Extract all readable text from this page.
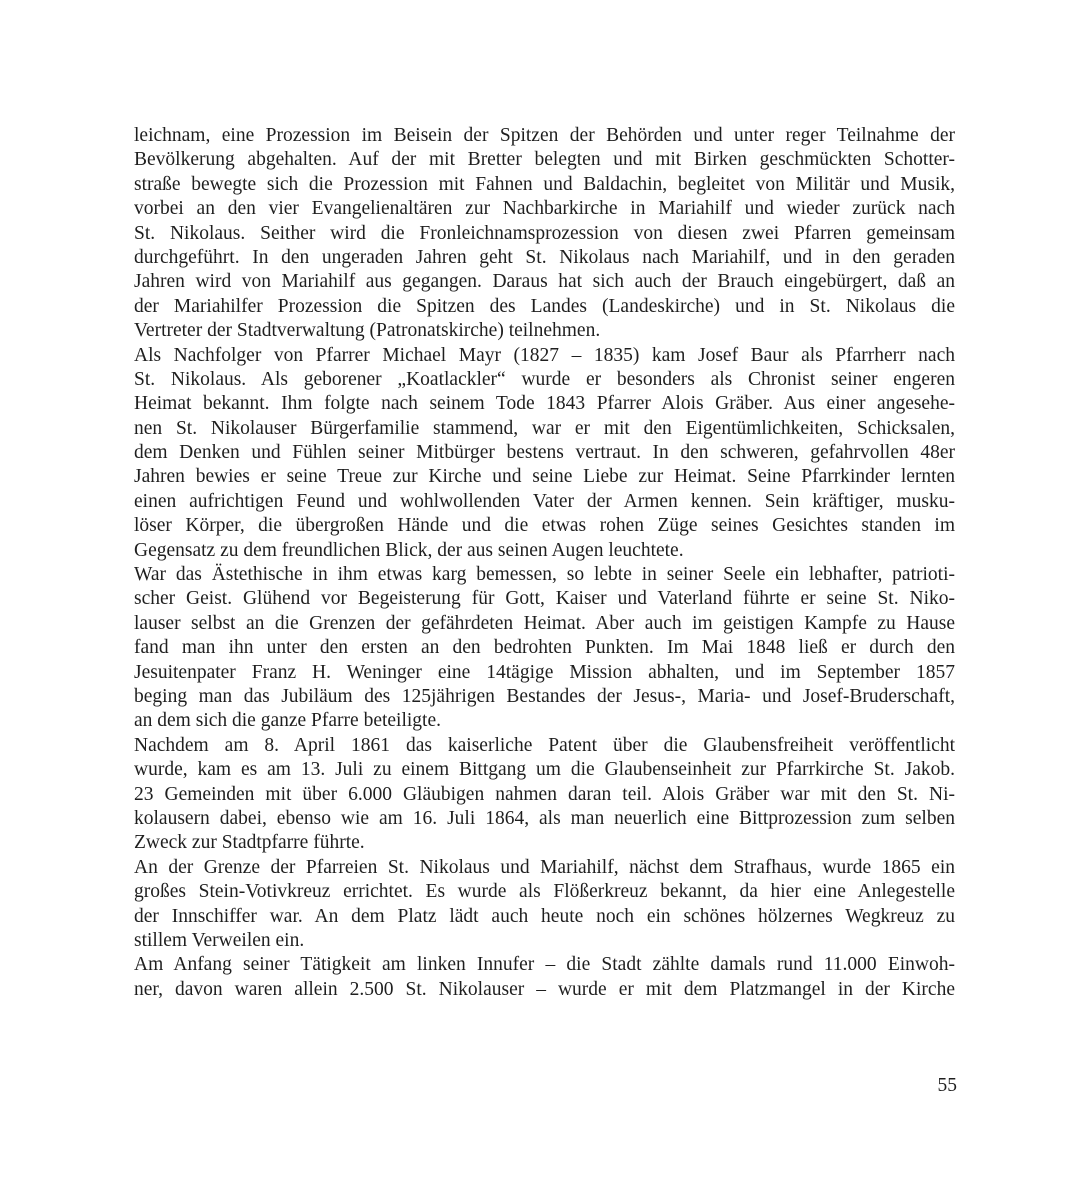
leichnam, eine Prozession im Beisein der Spitzen der Behörden und unter reger Teilnahme der
Bevölkerung abgehalten. Auf der mit Bretter belegten und mit Birken geschmückten Schotter-
straße bewegte sich die Prozession mit Fahnen und Baldachin, begleitet von Militär und Musik,
vorbei an den vier Evangelienaltären zur Nachbarkirche in Mariahilf und wieder zurück nach
St. Nikolaus. Seither wird die Fronleichnamsprozession von diesen zwei Pfarren gemeinsam
durchgeführt. In den ungeraden Jahren geht St. Nikolaus nach Mariahilf, und in den geraden
Jahren wird von Mariahilf aus gegangen. Daraus hat sich auch der Brauch eingebürgert, daß an
der Mariahilfer Prozession die Spitzen des Landes (Landeskirche) und in St. Nikolaus die
Vertreter der Stadtverwaltung (Patronatskirche) teilnehmen.
Als Nachfolger von Pfarrer Michael Mayr (1827 – 1835) kam Josef Baur als Pfarrherr nach
St. Nikolaus. Als geborener „Koatlackler“ wurde er besonders als Chronist seiner engeren
Heimat bekannt. Ihm folgte nach seinem Tode 1843 Pfarrer Alois Gräber. Aus einer angesehe-
nen St. Nikolauser Bürgerfamilie stammend, war er mit den Eigentümlichkeiten, Schicksalen,
dem Denken und Fühlen seiner Mitbürger bestens vertraut. In den schweren, gefahrvollen 48er
Jahren bewies er seine Treue zur Kirche und seine Liebe zur Heimat. Seine Pfarrkinder lernten
einen aufrichtigen Feund und wohlwollenden Vater der Armen kennen. Sein kräftiger, musku-
löser Körper, die übergroßen Hände und die etwas rohen Züge seines Gesichtes standen im
Gegensatz zu dem freundlichen Blick, der aus seinen Augen leuchtete.
War das Ästethische in ihm etwas karg bemessen, so lebte in seiner Seele ein lebhafter, patrioti-
scher Geist. Glühend vor Begeisterung für Gott, Kaiser und Vaterland führte er seine St. Niko-
lauser selbst an die Grenzen der gefährdeten Heimat. Aber auch im geistigen Kampfe zu Hause
fand man ihn unter den ersten an den bedrohten Punkten. Im Mai 1848 ließ er durch den
Jesuitenpater Franz H. Weninger eine 14tägige Mission abhalten, und im September 1857
beging man das Jubiläum des 125jährigen Bestandes der Jesus-, Maria- und Josef-Bruderschaft,
an dem sich die ganze Pfarre beteiligte.
Nachdem am 8. April 1861 das kaiserliche Patent über die Glaubensfreiheit veröffentlicht
wurde, kam es am 13. Juli zu einem Bittgang um die Glaubenseinheit zur Pfarrkirche St. Jakob.
23 Gemeinden mit über 6.000 Gläubigen nahmen daran teil. Alois Gräber war mit den St. Ni-
kolausern dabei, ebenso wie am 16. Juli 1864, als man neuerlich eine Bittprozession zum selben
Zweck zur Stadtpfarre führte.
An der Grenze der Pfarreien St. Nikolaus und Mariahilf, nächst dem Strafhaus, wurde 1865 ein
großes Stein-Votivkreuz errichtet. Es wurde als Flößerkreuz bekannt, da hier eine Anlegestelle
der Innschiffer war. An dem Platz lädt auch heute noch ein schönes hölzernes Wegkreuz zu
stillem Verweilen ein.
Am Anfang seiner Tätigkeit am linken Innufer – die Stadt zählte damals rund 11.000 Einwoh-
ner, davon waren allein 2.500 St. Nikolauser – wurde er mit dem Platzmangel in der Kirche
55
